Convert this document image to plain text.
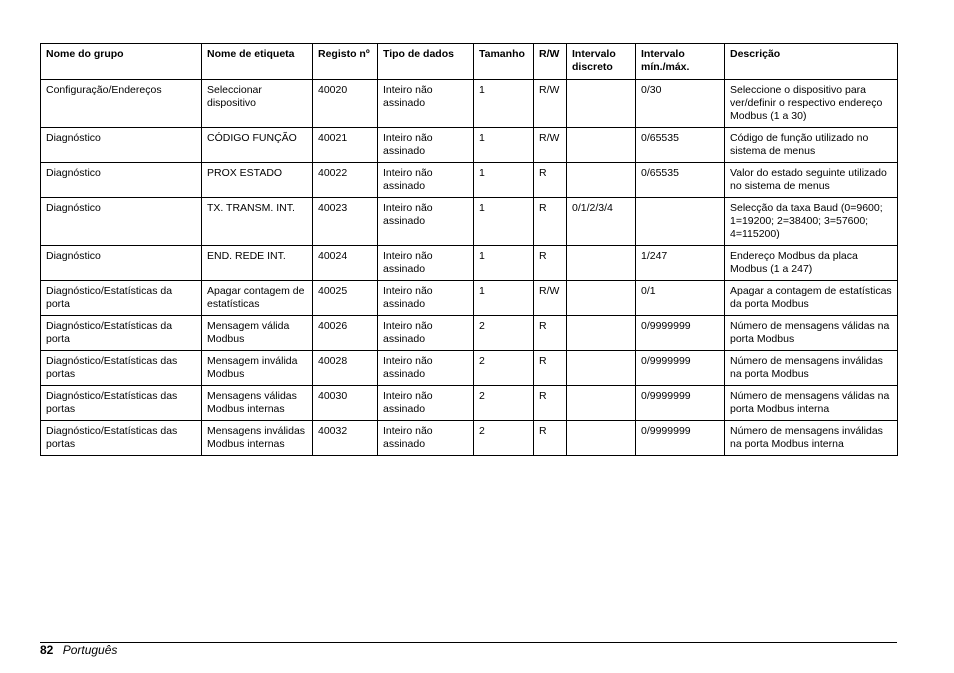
Nome do grupo	Nome de etiqueta	Registo nº	Tipo de dados	Tamanho	R/W	Intervalo discreto	Intervalo mín./máx.	Descrição
Configuração/Endereços	Seleccionar dispositivo	40020	Inteiro não assinado	1	R/W		0/30	Seleccione o dispositivo para ver/definir o respectivo endereço Modbus (1 a 30)
Diagnóstico	CÓDIGO FUNÇÃO	40021	Inteiro não assinado	1	R/W		0/65535	Código de função utilizado no sistema de menus
Diagnóstico	PROX ESTADO	40022	Inteiro não assinado	1	R		0/65535	Valor do estado seguinte utilizado no sistema de menus
Diagnóstico	TX. TRANSM. INT.	40023	Inteiro não assinado	1	R	0/1/2/3/4		Selecção da taxa Baud (0=9600; 1=19200; 2=38400; 3=57600; 4=115200)
Diagnóstico	END. REDE INT.	40024	Inteiro não assinado	1	R		1/247	Endereço Modbus da placa Modbus (1 a 247)
Diagnóstico/Estatísticas da porta	Apagar contagem de estatísticas	40025	Inteiro não assinado	1	R/W		0/1	Apagar a contagem de estatísticas da porta Modbus
Diagnóstico/Estatísticas da porta	Mensagem válida Modbus	40026	Inteiro não assinado	2	R		0/9999999	Número de mensagens válidas na porta Modbus
Diagnóstico/Estatísticas das portas	Mensagem inválida Modbus	40028	Inteiro não assinado	2	R		0/9999999	Número de mensagens inválidas na porta Modbus
Diagnóstico/Estatísticas das portas	Mensagens válidas Modbus internas	40030	Inteiro não assinado	2	R		0/9999999	Número de mensagens válidas na porta Modbus interna
Diagnóstico/Estatísticas das portas	Mensagens inválidas Modbus internas	40032	Inteiro não assinado	2	R		0/9999999	Número de mensagens inválidas na porta Modbus interna
82 Português
